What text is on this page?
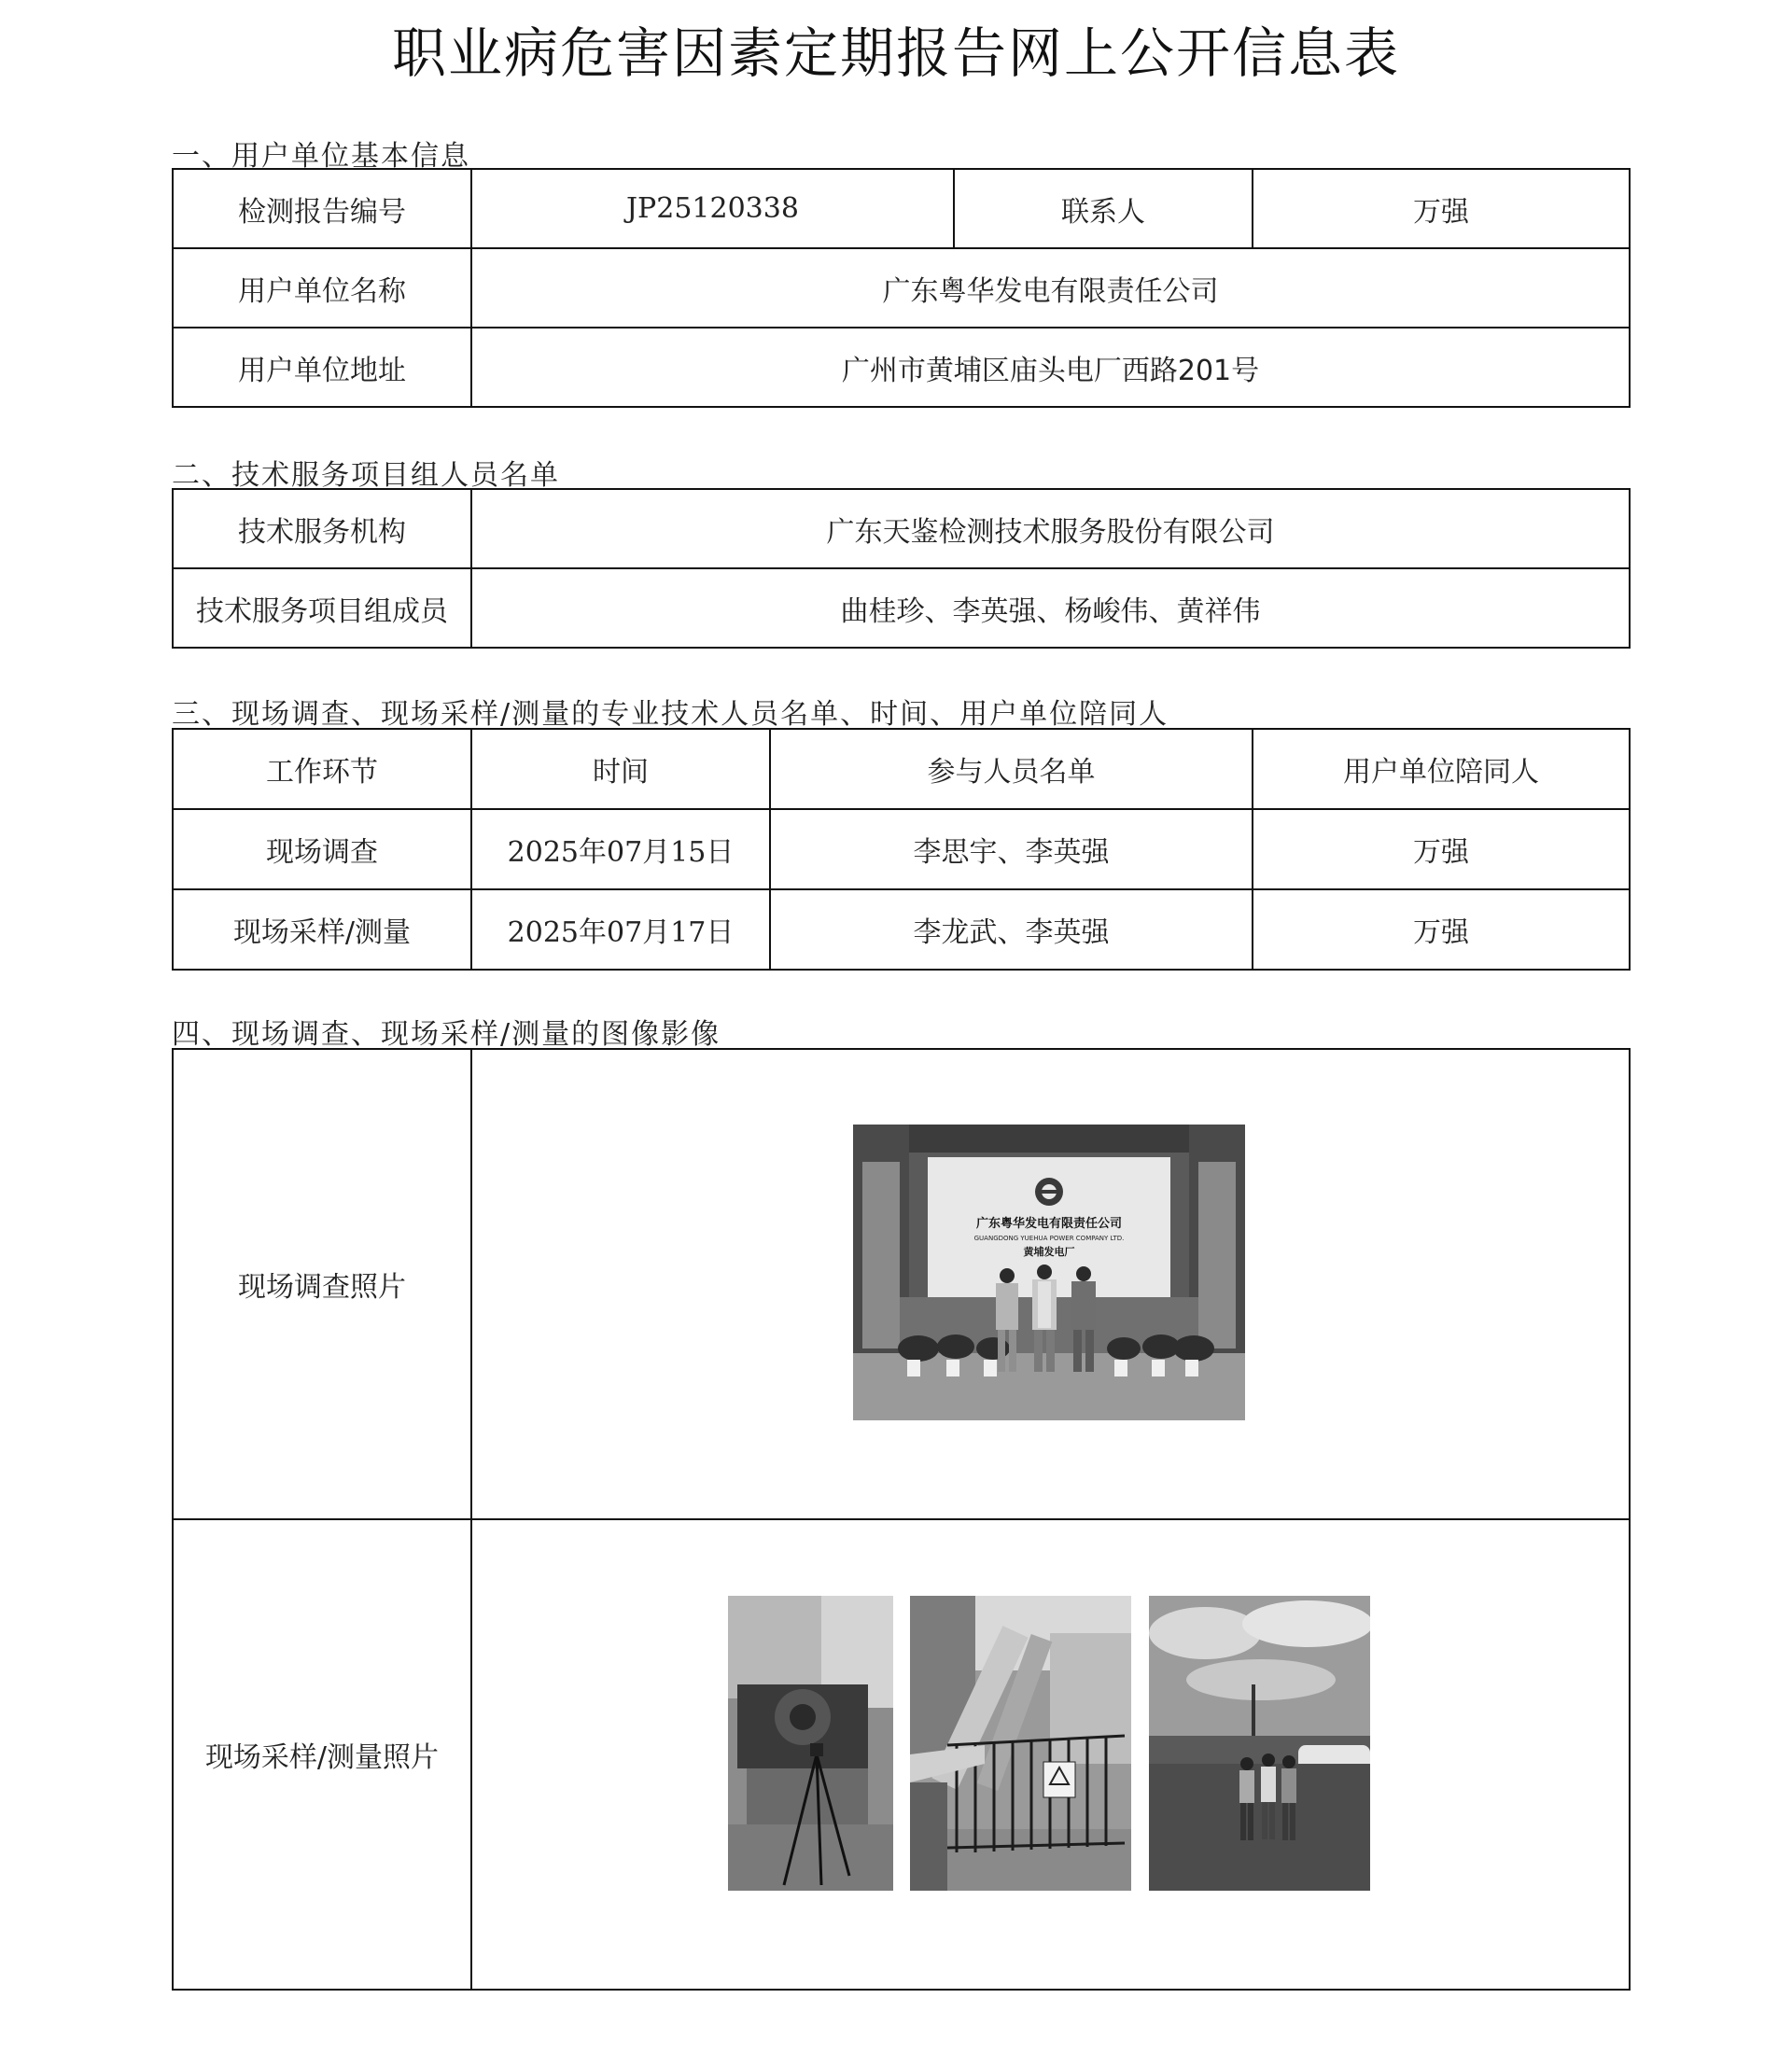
职业病危害因素定期报告网上公开信息表
一、用户单位基本信息
检测报告编号	JP25120338	联系人	万强
用户单位名称	广东粤华发电有限责任公司		
用户单位地址	广州市黄埔区庙头电厂西路201号		
二、技术服务项目组人员名单
技术服务机构	广东天鉴检测技术服务股份有限公司
技术服务项目组成员	曲桂珍、李英强、杨峻伟、黄祥伟
三、现场调查、现场采样/测量的专业技术人员名单、时间、用户单位陪同人
工作环节	时间	参与人员名单	用户单位陪同人
现场调查	2025年07月15日	李思宇、李英强	万强
现场采样/测量	2025年07月17日	李龙武、李英强	万强
四、现场调查、现场采样/测量的图像影像
现场调查照片	
现场采样/测量照片	
广东粤华发电有限责任公司
GUANGDONG YUEHUA POWER COMPANY LTD.
黄埔发电厂
